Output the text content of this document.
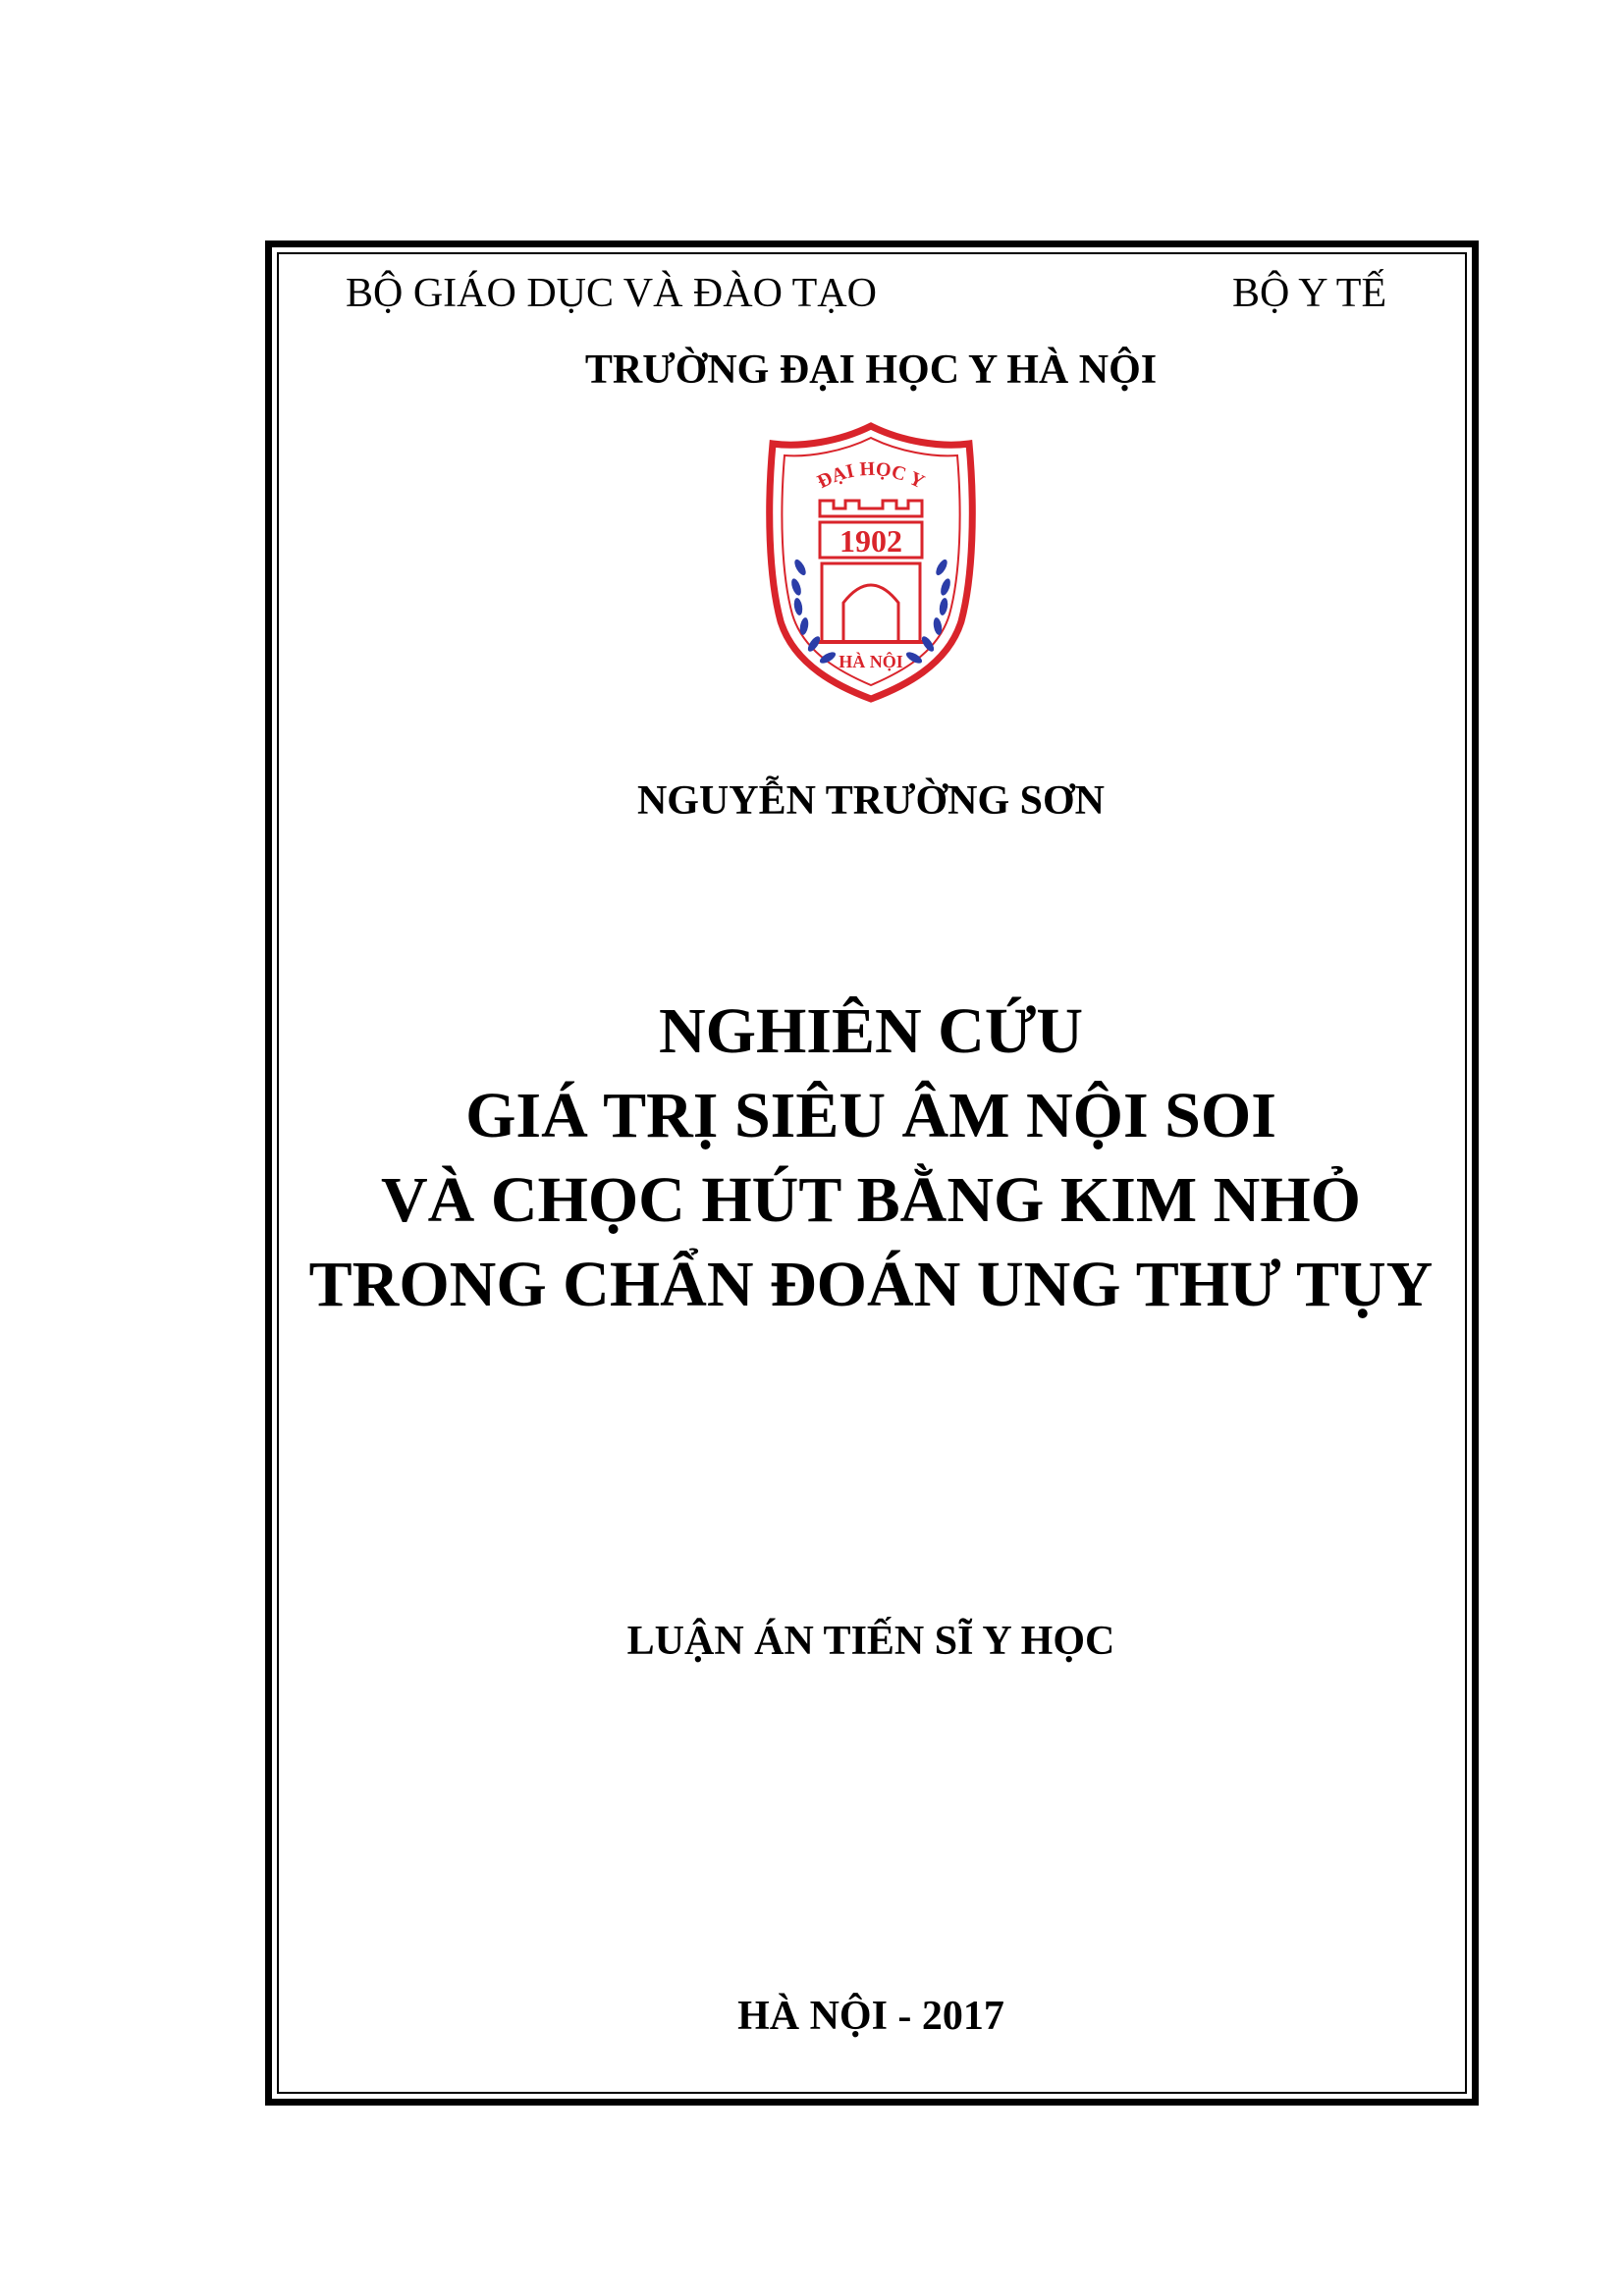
BỘ GIÁO DỤC VÀ ĐÀO TẠO	BỘ Y TẾ
TRƯỜNG ĐẠI HỌC Y HÀ NỘI
ĐẠI HỌC Y
1902
HÀ NỘI
NGUYỄN TRƯỜNG SƠN
NGHIÊN CỨU
GIÁ TRỊ SIÊU ÂM NỘI SOI
VÀ CHỌC HÚT BẰNG KIM NHỎ
TRONG CHẨN ĐOÁN UNG THƯ TỤY
LUẬN ÁN TIẾN SĨ Y HỌC
HÀ NỘI - 2017
